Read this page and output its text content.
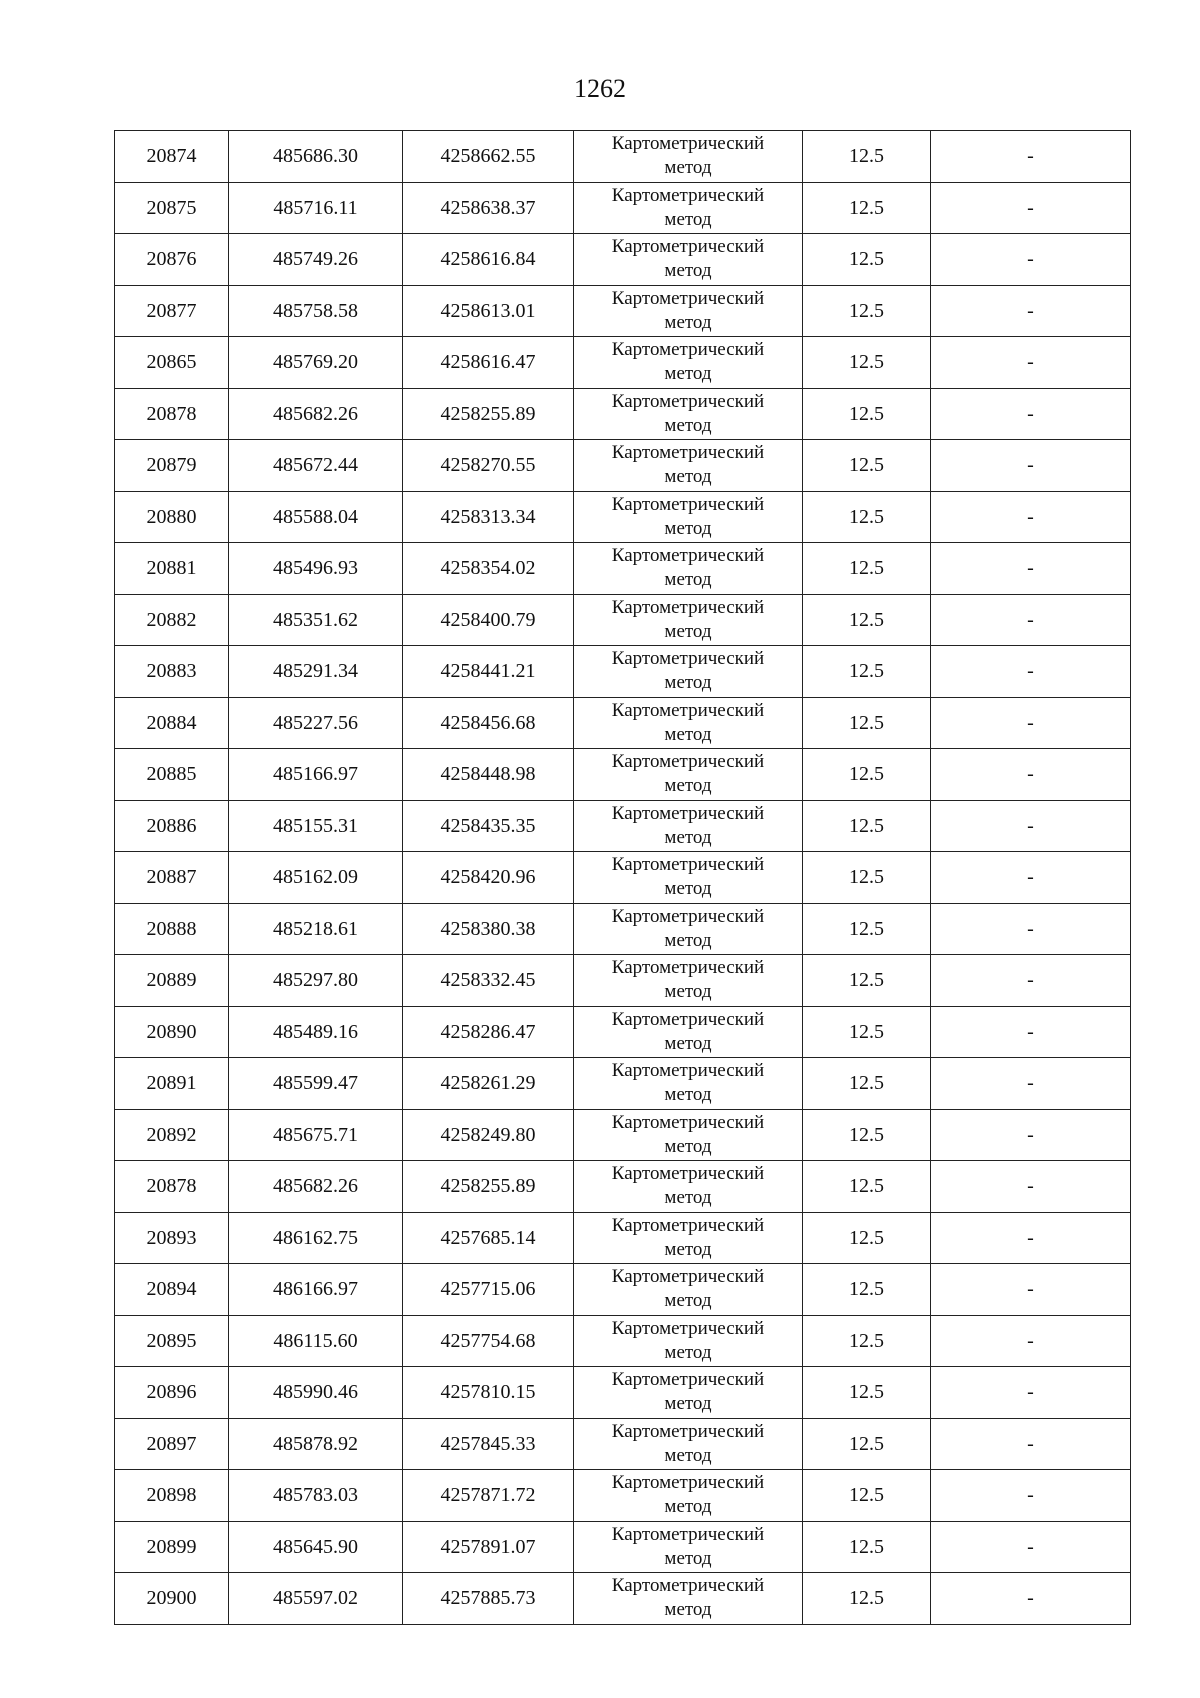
1262
20874	485686.30	4258662.55	Картометрический
метод	12.5	-
20875	485716.11	4258638.37	Картометрический
метод	12.5	-
20876	485749.26	4258616.84	Картометрический
метод	12.5	-
20877	485758.58	4258613.01	Картометрический
метод	12.5	-
20865	485769.20	4258616.47	Картометрический
метод	12.5	-
20878	485682.26	4258255.89	Картометрический
метод	12.5	-
20879	485672.44	4258270.55	Картометрический
метод	12.5	-
20880	485588.04	4258313.34	Картометрический
метод	12.5	-
20881	485496.93	4258354.02	Картометрический
метод	12.5	-
20882	485351.62	4258400.79	Картометрический
метод	12.5	-
20883	485291.34	4258441.21	Картометрический
метод	12.5	-
20884	485227.56	4258456.68	Картометрический
метод	12.5	-
20885	485166.97	4258448.98	Картометрический
метод	12.5	-
20886	485155.31	4258435.35	Картометрический
метод	12.5	-
20887	485162.09	4258420.96	Картометрический
метод	12.5	-
20888	485218.61	4258380.38	Картометрический
метод	12.5	-
20889	485297.80	4258332.45	Картометрический
метод	12.5	-
20890	485489.16	4258286.47	Картометрический
метод	12.5	-
20891	485599.47	4258261.29	Картометрический
метод	12.5	-
20892	485675.71	4258249.80	Картометрический
метод	12.5	-
20878	485682.26	4258255.89	Картометрический
метод	12.5	-
20893	486162.75	4257685.14	Картометрический
метод	12.5	-
20894	486166.97	4257715.06	Картометрический
метод	12.5	-
20895	486115.60	4257754.68	Картометрический
метод	12.5	-
20896	485990.46	4257810.15	Картометрический
метод	12.5	-
20897	485878.92	4257845.33	Картометрический
метод	12.5	-
20898	485783.03	4257871.72	Картометрический
метод	12.5	-
20899	485645.90	4257891.07	Картометрический
метод	12.5	-
20900	485597.02	4257885.73	Картометрический
метод	12.5	-
